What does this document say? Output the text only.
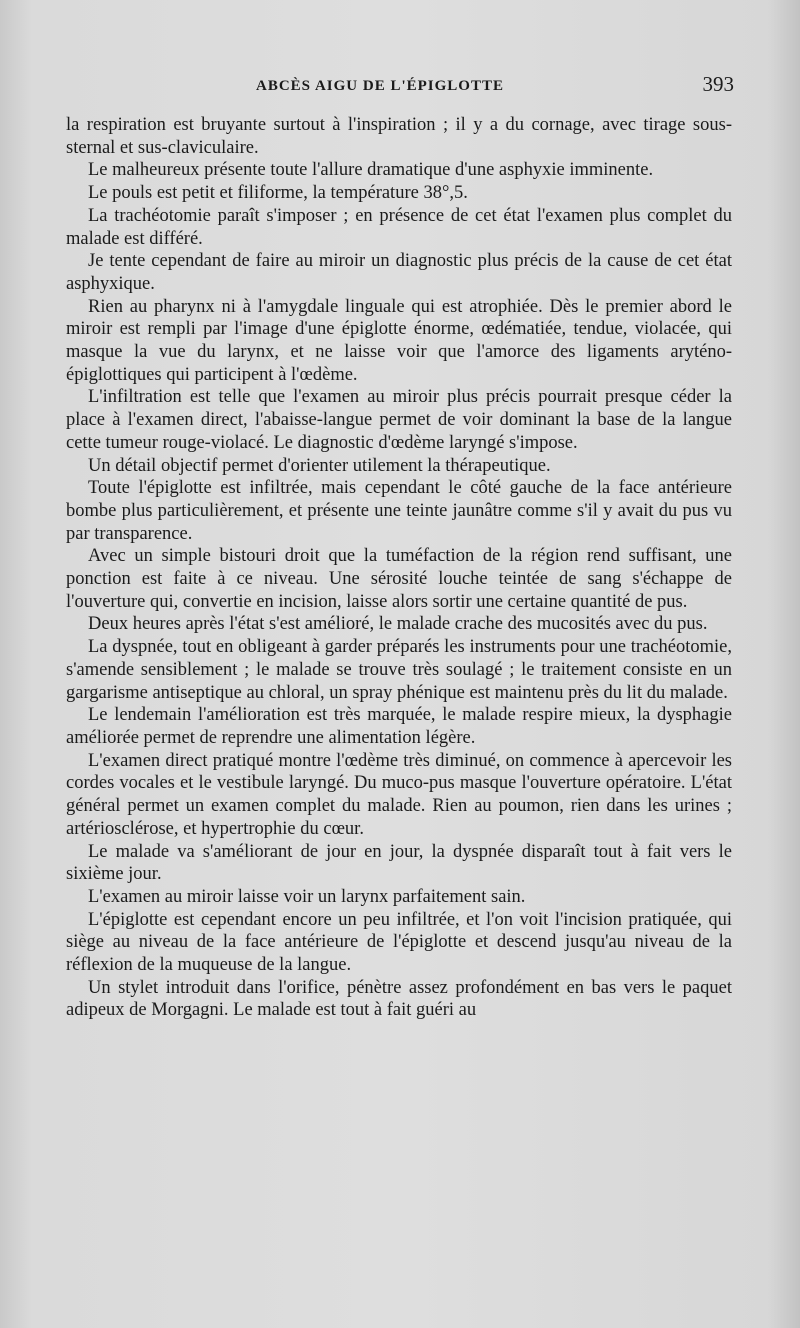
ABCÈS AIGU DE L'ÉPIGLOTTE	393

la respiration est bruyante surtout à l'inspiration ; il y a du cornage, avec tirage sous-sternal et sus-claviculaire.

Le malheureux présente toute l'allure dramatique d'une asphyxie imminente.

Le pouls est petit et filiforme, la température 38°,5.

La trachéotomie paraît s'imposer ; en présence de cet état l'examen plus complet du malade est différé.

Je tente cependant de faire au miroir un diagnostic plus précis de la cause de cet état asphyxique.

Rien au pharynx ni à l'amygdale linguale qui est atrophiée. Dès le premier abord le miroir est rempli par l'image d'une épiglotte énorme, œdématiée, tendue, violacée, qui masque la vue du larynx, et ne laisse voir que l'amorce des ligaments aryténo-épiglottiques qui participent à l'œdème.

L'infiltration est telle que l'examen au miroir plus précis pourrait presque céder la place à l'examen direct, l'abaisse-langue permet de voir dominant la base de la langue cette tumeur rouge-violacé. Le diagnostic d'œdème laryngé s'impose.

Un détail objectif permet d'orienter utilement la thérapeutique.

Toute l'épiglotte est infiltrée, mais cependant le côté gauche de la face antérieure bombe plus particulièrement, et présente une teinte jaunâtre comme s'il y avait du pus vu par transparence.

Avec un simple bistouri droit que la tuméfaction de la région rend suffisant, une ponction est faite à ce niveau. Une sérosité louche teintée de sang s'échappe de l'ouverture qui, convertie en incision, laisse alors sortir une certaine quantité de pus.

Deux heures après l'état s'est amélioré, le malade crache des mucosités avec du pus.

La dyspnée, tout en obligeant à garder préparés les instruments pour une trachéotomie, s'amende sensiblement ; le malade se trouve très soulagé ; le traitement consiste en un gargarisme antiseptique au chloral, un spray phénique est maintenu près du lit du malade.

Le lendemain l'amélioration est très marquée, le malade respire mieux, la dysphagie améliorée permet de reprendre une alimentation légère.

L'examen direct pratiqué montre l'œdème très diminué, on commence à apercevoir les cordes vocales et le vestibule laryngé. Du muco-pus masque l'ouverture opératoire. L'état général permet un examen complet du malade. Rien au poumon, rien dans les urines ; artériosclérose, et hypertrophie du cœur.

Le malade va s'améliorant de jour en jour, la dyspnée disparaît tout à fait vers le sixième jour.

L'examen au miroir laisse voir un larynx parfaitement sain.

L'épiglotte est cependant encore un peu infiltrée, et l'on voit l'incision pratiquée, qui siège au niveau de la face antérieure de l'épiglotte et descend jusqu'au niveau de la réflexion de la muqueuse de la langue.

Un stylet introduit dans l'orifice, pénètre assez profondément en bas vers le paquet adipeux de Morgagni. Le malade est tout à fait guéri au
